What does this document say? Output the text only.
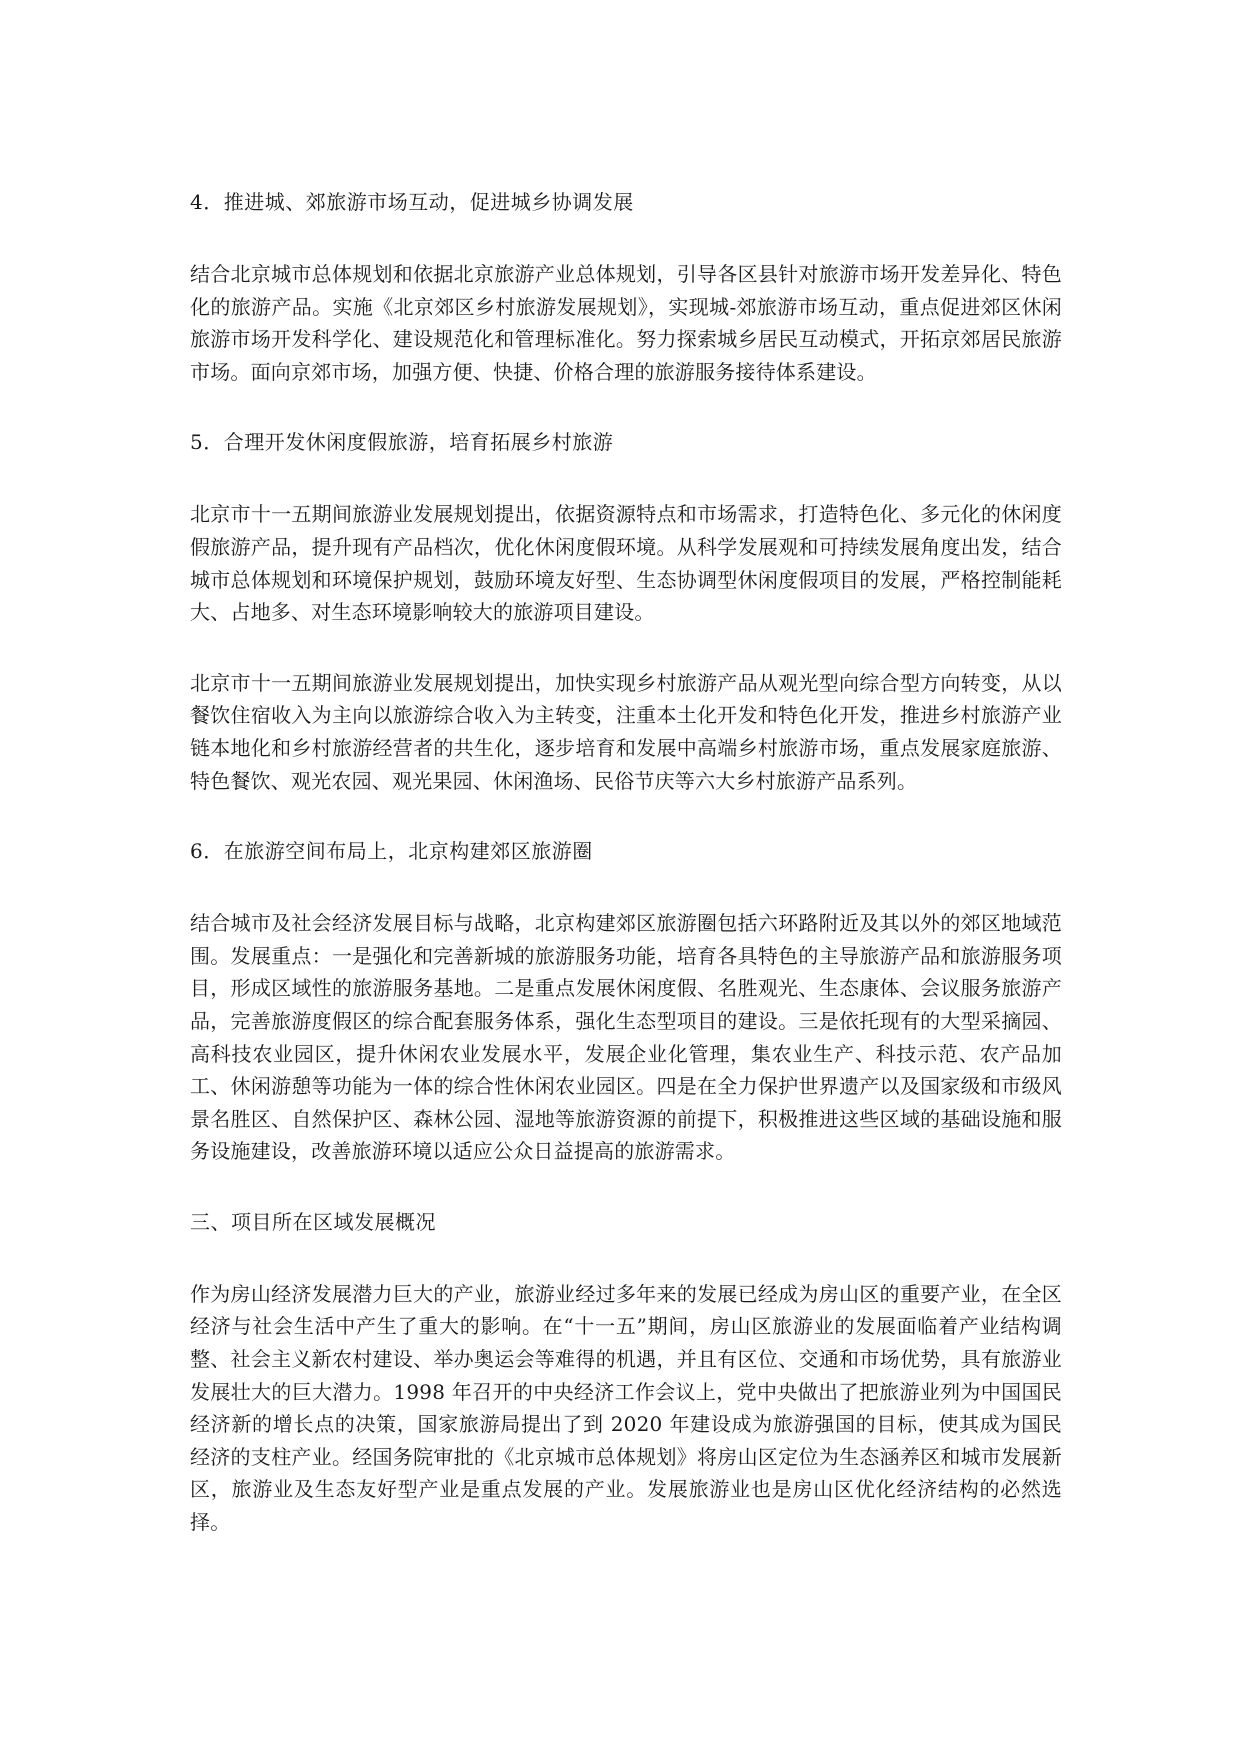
4．推进城、郊旅游市场互动，促进城乡协调发展

结合北京城市总体规划和依据北京旅游产业总体规划，引导各区县针对旅游市场开发差异化、特色化的旅游产品。实施《北京郊区乡村旅游发展规划》，实现城-郊旅游市场互动，重点促进郊区休闲旅游市场开发科学化、建设规范化和管理标准化。努力探索城乡居民互动模式，开拓京郊居民旅游市场。面向京郊市场，加强方便、快捷、价格合理的旅游服务接待体系建设。

5．合理开发休闲度假旅游，培育拓展乡村旅游

北京市十一五期间旅游业发展规划提出，依据资源特点和市场需求，打造特色化、多元化的休闲度假旅游产品，提升现有产品档次，优化休闲度假环境。从科学发展观和可持续发展角度出发，结合城市总体规划和环境保护规划，鼓励环境友好型、生态协调型休闲度假项目的发展，严格控制能耗大、占地多、对生态环境影响较大的旅游项目建设。

北京市十一五期间旅游业发展规划提出，加快实现乡村旅游产品从观光型向综合型方向转变，从以餐饮住宿收入为主向以旅游综合收入为主转变，注重本土化开发和特色化开发，推进乡村旅游产业链本地化和乡村旅游经营者的共生化，逐步培育和发展中高端乡村旅游市场，重点发展家庭旅游、特色餐饮、观光农园、观光果园、休闲渔场、民俗节庆等六大乡村旅游产品系列。

6．在旅游空间布局上，北京构建郊区旅游圈

结合城市及社会经济发展目标与战略，北京构建郊区旅游圈包括六环路附近及其以外的郊区地域范围。发展重点：一是强化和完善新城的旅游服务功能，培育各具特色的主导旅游产品和旅游服务项目，形成区域性的旅游服务基地。二是重点发展休闲度假、名胜观光、生态康体、会议服务旅游产品，完善旅游度假区的综合配套服务体系，强化生态型项目的建设。三是依托现有的大型采摘园、高科技农业园区，提升休闲农业发展水平，发展企业化管理，集农业生产、科技示范、农产品加工、休闲游憩等功能为一体的综合性休闲农业园区。四是在全力保护世界遗产以及国家级和市级风景名胜区、自然保护区、森林公园、湿地等旅游资源的前提下，积极推进这些区域的基础设施和服务设施建设，改善旅游环境以适应公众日益提高的旅游需求。

三、项目所在区域发展概况

作为房山经济发展潜力巨大的产业，旅游业经过多年来的发展已经成为房山区的重要产业，在全区经济与社会生活中产生了重大的影响。在“十一五”期间，房山区旅游业的发展面临着产业结构调整、社会主义新农村建设、举办奥运会等难得的机遇，并且有区位、交通和市场优势，具有旅游业发展壮大的巨大潜力。1998 年召开的中央经济工作会议上，党中央做出了把旅游业列为中国国民经济新的增长点的决策，国家旅游局提出了到 2020 年建设成为旅游强国的目标，使其成为国民经济的支柱产业。经国务院审批的《北京城市总体规划》将房山区定位为生态涵养区和城市发展新区，旅游业及生态友好型产业是重点发展的产业。发展旅游业也是房山区优化经济结构的必然选择。
